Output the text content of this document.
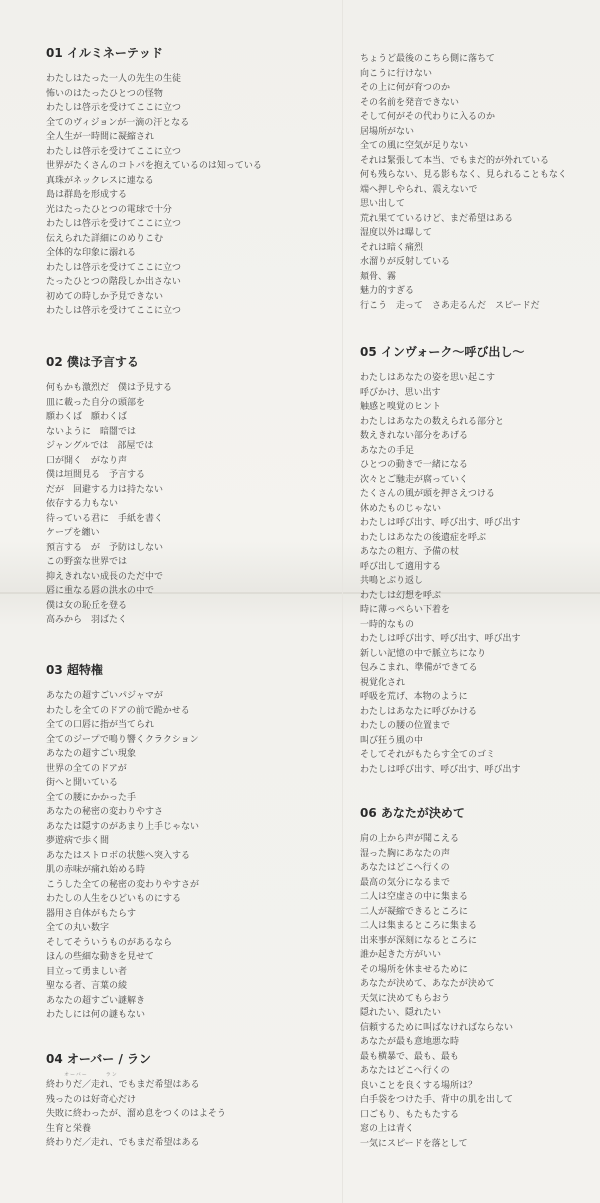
01 イルミネーテッド
わたしはたった一人の先生の生徒
怖いのはたったひとつの怪物
わたしは啓示を受けてここに立つ
全てのヴィジョンが一滴の汗となる
全人生が一時間に凝縮され
わたしは啓示を受けてここに立つ
世界がたくさんのコトバを抱えているのは知っている
真珠がネックレスに連なる
島は群島を形成する
光はたったひとつの電球で十分
わたしは啓示を受けてここに立つ
伝えられた詳細にのめりこむ
全体的な印象に溺れる
わたしは啓示を受けてここに立つ
たったひとつの階段しか出さない
初めての時しか予見できない
わたしは啓示を受けてここに立つ
02 僕は予言する
何もかも激烈だ　僕は予見する
皿に載った自分の頭部を
願わくば　願わくば
ないように　暗闇では
ジャングルでは　部屋では
口が開く　がなり声
僕は垣間見る　予言する
だが　回避する力は持たない
依存する力もない
待っている君に　手紙を書く
ケープを纏い
預言する　が　予防はしない
この野蛮な世界では
抑えきれない成長のただ中で
唇に重なる唇の洪水の中で
僕は女の恥丘を登る
高みから　羽ばたく
03 超特権
あなたの超すごいパジャマが
わたしを全てのドアの前で跪かせる
全ての口唇に指が当てられ
全てのジープで鳴り響くクラクション
あなたの超すごい現象
世界の全てのドアが
街へと開いている
全ての腰にかかった手
あなたの秘密の変わりやすさ
あなたは隠すのがあまり上手じゃない
夢遊病で歩く間
あなたはストロボの状態へ突入する
肌の赤味が痛れ始める時
こうした全ての秘密の変わりやすさが
わたしの人生をひどいものにする
器用さ自体がもたらす
全ての丸い数字
そしてそういうものがあるなら
ほんの些細な動きを見せて
目立って勇ましい者
聖なる者、言葉の綾
あなたの超すごい謎解き
わたしには何の謎もない
04 オーバー / ラン
オーバー　　　ラン
終わりだ／走れ、でもまだ希望はある
残ったのは好奇心だけ
失敗に終わったが、溜め息をつくのはよそう
生育と栄養
終わりだ／走れ、でもまだ希望はある
ちょうど最後のこちら側に落ちて
向こうに行けない
その上に何が育つのか
その名前を発音できない
そして何がその代わりに入るのか
居場所がない
全ての風に空気が足りない
それは緊張して本当、でもまだ的が外れている
何も残らない、見る影もなく、見られることもなく
端へ押しやられ、震えないで
思い出して
荒れ果てているけど、まだ希望はある
湿度以外は曝して
それは暗く痛烈
水溜りが反射している
頬骨、霧
魅力的すぎる
行こう　走って　さあ走るんだ　スピードだ
05 インヴォーク～呼び出し～
わたしはあなたの姿を思い起こす
呼びかけ、思い出す
触感と嗅覚のヒント
わたしはあなたの数えられる部分と
数えきれない部分をあげる
あなたの手足
ひとつの動きで一緒になる
次々とご馳走が腐っていく
たくさんの風が頭を押さえつける
休めたものじゃない
わたしは呼び出す、呼び出す、呼び出す
わたしはあなたの後遺症を呼ぶ
あなたの粗方、予備の杖
呼び出して適用する
共鳴とぶり返し
わたしは幻想を呼ぶ
時に薄っぺらい下着を
一時的なもの
わたしは呼び出す、呼び出す、呼び出す
新しい記憶の中で脈立ちになり
包みこまれ、準備ができてる
視覚化され
呼吸を荒げ、本物のように
わたしはあなたに呼びかける
わたしの腰の位置まで
叫び狂う風の中
そしてそれがもたらす全てのゴミ
わたしは呼び出す、呼び出す、呼び出す
06 あなたが決めて
肩の上から声が聞こえる
湿った胸にあなたの声
あなたはどこへ行くの
最高の気分になるまで
二人は空虚さの中に集まる
二人が凝縮できるところに
二人は集まるところに集まる
出来事が深刻になるところに
誰か起きた方がいい
その場所を休ませるために
あなたが決めて、あなたが決めて
天気に決めてもらおう
隠れたい、隠れたい
信頼するために叫ばなければならない
あなたが最も意地悪な時
最も横暴で、最も、最も
あなたはどこへ行くの
良いことを良くする場所は？
白手袋をつけた手、背中の肌を出して
口ごもり、もたもたする
窓の上は青く
一気にスピードを落として
